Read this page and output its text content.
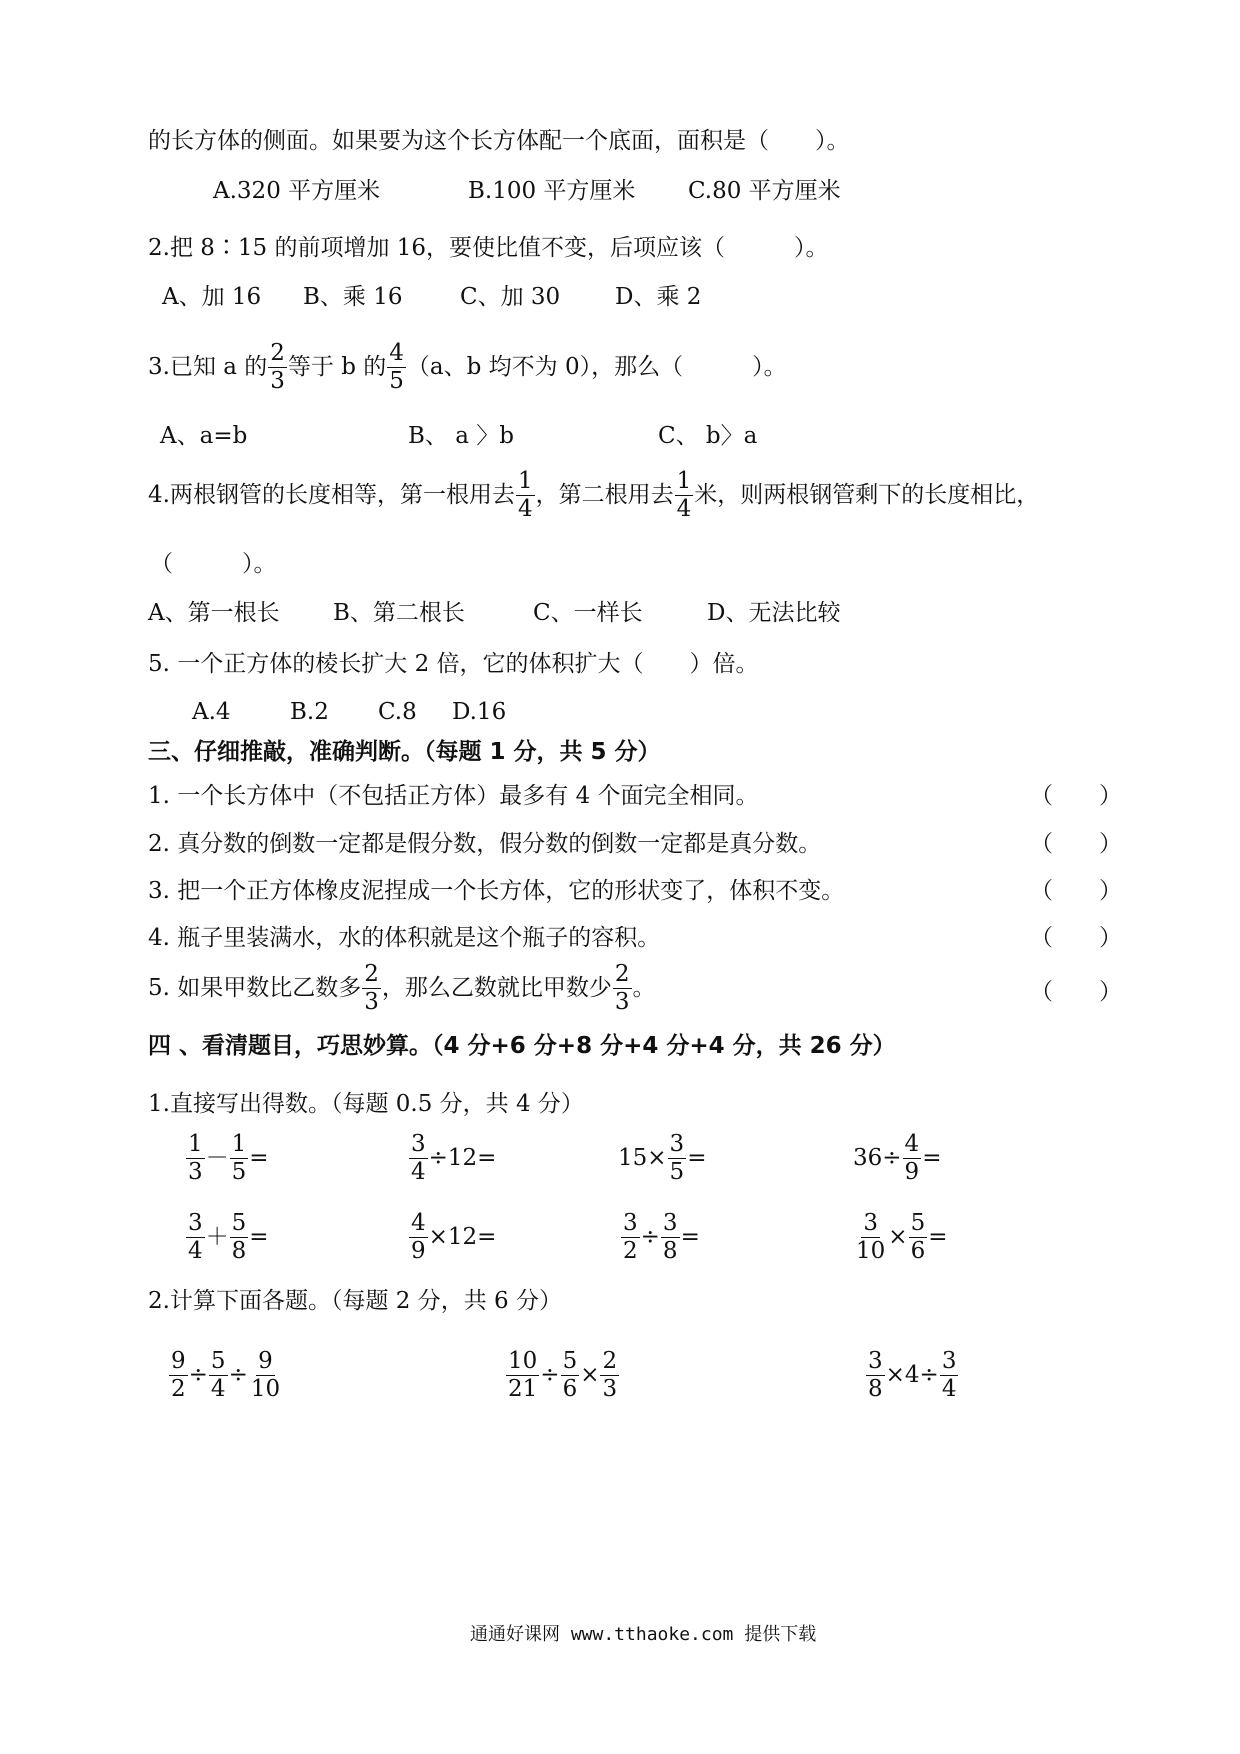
的长方体的侧面。如果要为这个长方体配一个底面，面积是（　　）。
A.320 平方厘米	B.100 平方厘米 C.80 平方厘米
2.把 8∶15 的前项增加 16，要使比值不变，后项应该（　　　）。
A、加 16 B、乘 16	C、加 30 D、乘 2
3.已知 a 的 $\frac{2}{3}$ 等于 b 的 $\frac{4}{5} (a$、b 均不为 0），那么（　　　）。
A、a=b	B、 a 〉b	C、 b〉a
4.两根钢管的长度相等，第一根用去 $\frac{1}{4}$ ，第二根用去 $\frac{1}{4}$ 米，则两根钢管剩下的长度相比，
（　　　）。
A、第一根长 B、第二根长	C、一样长	D、无法比较
5. 一个正方体的棱长扩大 2 倍，它的体积扩大（　　）倍。
A.4	B.2 C.8 D.16
三、仔细推敲，准确判断。（每题 1 分，共 5 分）
1. 一个长方体中（不包括正方体）最多有 4 个面完全相同。	（　　）
2. 真分数的倒数一定都是假分数，假分数的倒数一定都是真分数。	（　　）
3. 把一个正方体橡皮泥捏成一个长方体，它的形状变了，体积不变。	（　　）
4. 瓶子里装满水，水的体积就是这个瓶子的容积。	（　　）
5. 如果甲数比乙数多 $\frac{2}{3}$ ，那么乙数就比甲数少 $\frac{2}{3}$ 。	（　　）
四 、看清题目，巧思妙算。（4 分+6 分+8 分+4 分+4 分，共 26 分）
1.直接写出得数。（每题 0.5 分，共 4 分）
$\frac{1}{3} - \frac{1}{5}$ =	$\frac{3}{4} \div 12=$	$15\times \frac{3}{5}$ =	$36\div \frac{4}{9}$ =
$\frac{3}{4} + \frac{5}{8}$ =	$\frac{4}{9} \times 12=$	$\frac{3}{2} \div \frac{3}{8}$ =	$\frac{3}{10} \times \frac{5}{6}$ =
2.计算下面各题。（每题 2 分，共 6 分）
$\frac{9}{2} \div \frac{5}{4} \div \frac{9}{10}$	$\frac{10}{21} \div \frac{5}{6} \times \frac{2}{3}$	$\frac{3}{8} \times 4\div \frac{3}{4}$
通通好课网 www.tthaoke.com 提供下载
